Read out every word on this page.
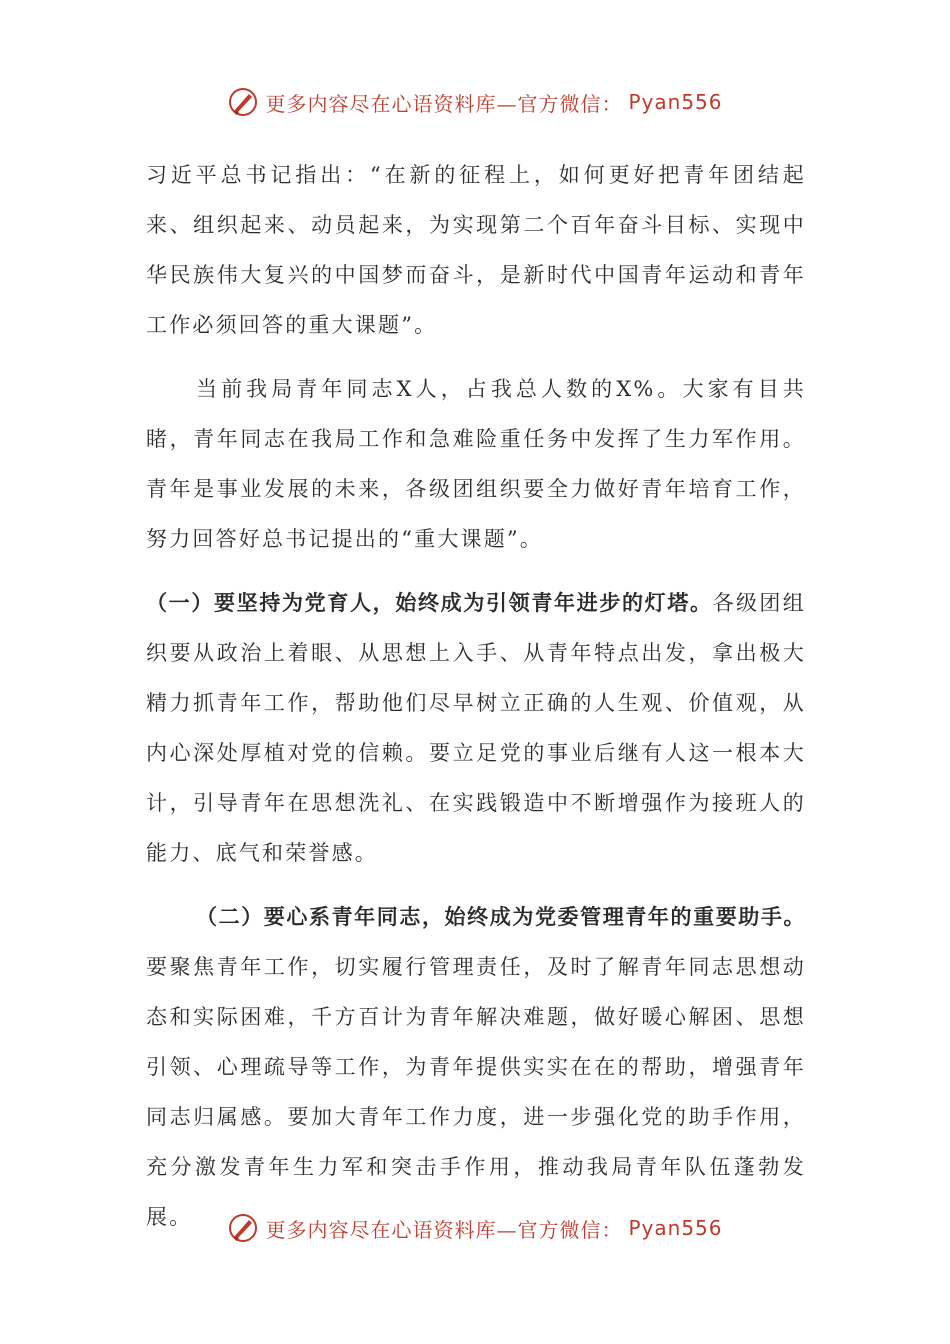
更多内容尽在心语资料库—官方微信： Pyan556

习近平总书记指出：“在新的征程上，如何更好把青年团结起来、组织起来、动员起来，为实现第二个百年奋斗目标、实现中华民族伟大复兴的中国梦而奋斗，是新时代中国青年运动和青年工作必须回答的重大课题”。

当前我局青年同志X人，占我总人数的X%。大家有目共睹，青年同志在我局工作和急难险重任务中发挥了生力军作用。青年是事业发展的未来，各级团组织要全力做好青年培育工作，努力回答好总书记提出的“重大课题”。

（一）要坚持为党育人，始终成为引领青年进步的灯塔。各级团组织要从政治上着眼、从思想上入手、从青年特点出发，拿出极大精力抓青年工作，帮助他们尽早树立正确的人生观、价值观，从内心深处厚植对党的信赖。要立足党的事业后继有人这一根本大计，引导青年在思想洗礼、在实践锻造中不断增强作为接班人的能力、底气和荣誉感。

（二）要心系青年同志，始终成为党委管理青年的重要助手。要聚焦青年工作，切实履行管理责任，及时了解青年同志思想动态和实际困难，千方百计为青年解决难题，做好暖心解困、思想引领、心理疏导等工作，为青年提供实实在在的帮助，增强青年同志归属感。要加大青年工作力度，进一步强化党的助手作用，充分激发青年生力军和突击手作用，推动我局青年队伍蓬勃发展。

更多内容尽在心语资料库—官方微信： Pyan556
